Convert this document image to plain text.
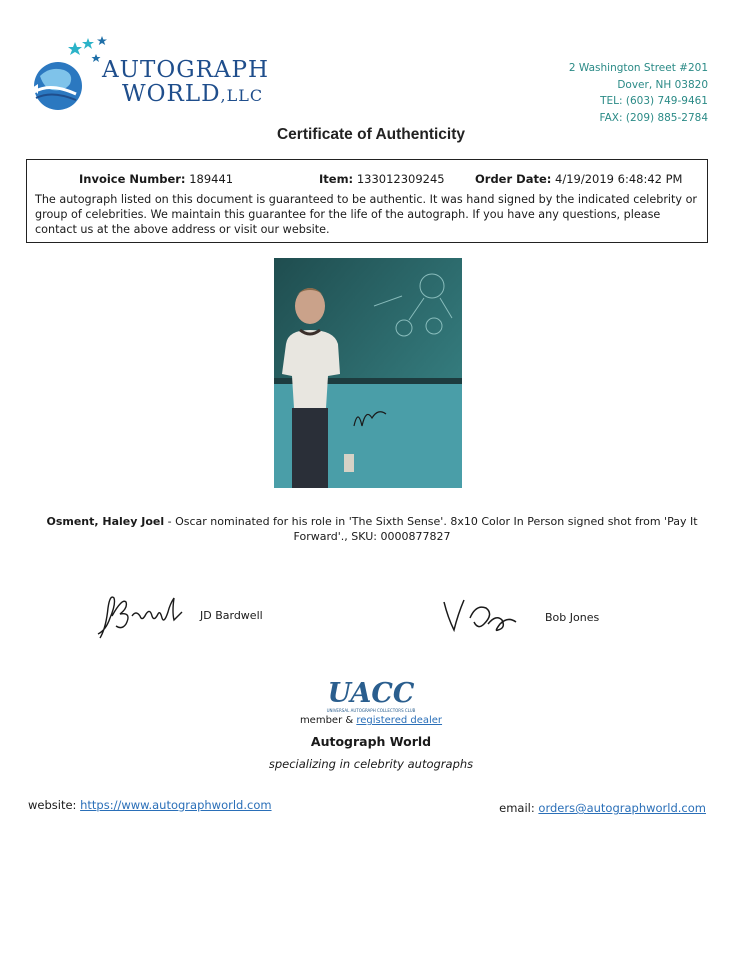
AUTOGRAPH
WORLD,LLC
2 Washington Street #201
Dover, NH 03820
TEL: (603) 749-9461
FAX: (209) 885-2784
Certificate of Authenticity
Invoice Number: 189441	Item: 133012309245	Order Date: 4/19/2019 6:48:42 PM
The autograph listed on this document is guaranteed to be authentic. It was hand signed by the indicated celebrity or group of celebrities. We maintain this guarantee for the life of the autograph. If you have any questions, please contact us at the above address or visit our website.
Osment, Haley Joel - Oscar nominated for his role in 'The Sixth Sense'. 8x10 Color In Person signed shot from 'Pay It Forward'., SKU: 0000877827
JD Bardwell	Bob Jones
UACC
UNIVERSAL AUTOGRAPH COLLECTORS CLUB
member & registered dealer
Autograph World
specializing in celebrity autographs
website: https://www.autographworld.com	email: orders@autographworld.com
